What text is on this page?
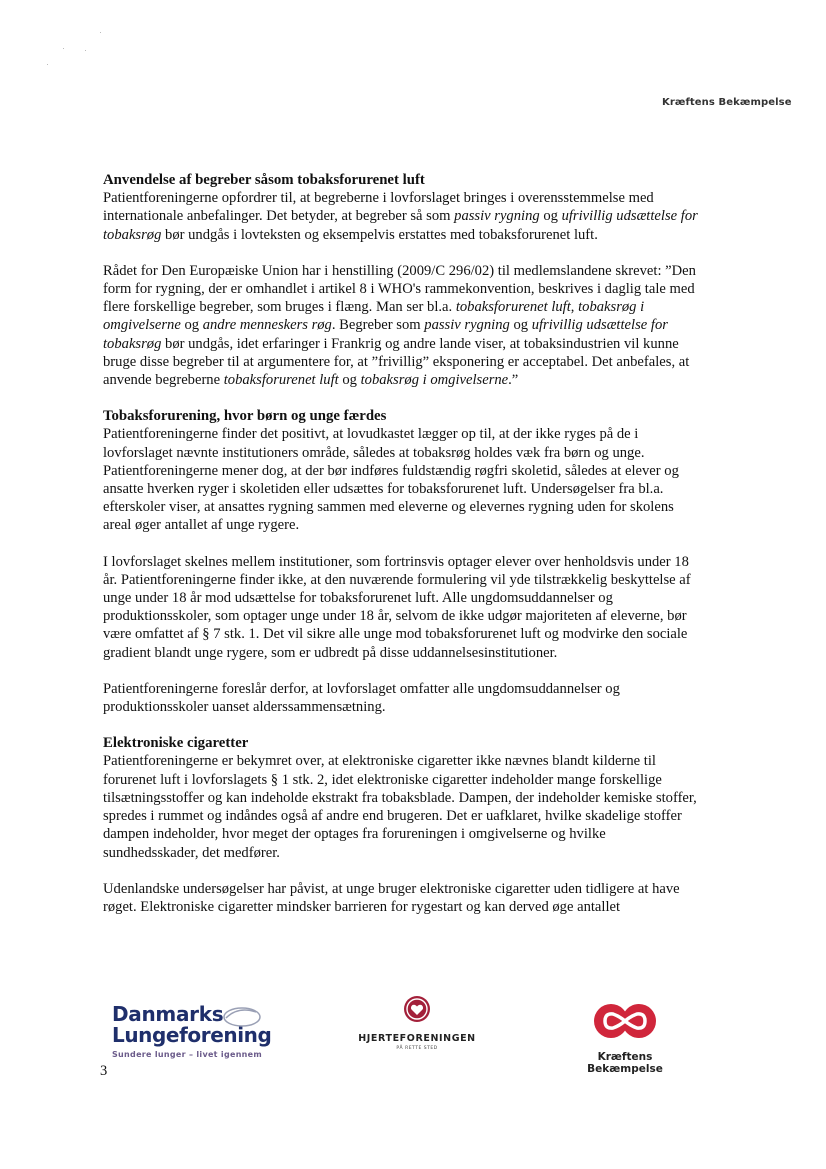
Kræftens Bekæmpelse
Anvendelse af begreber såsom tobaksforurenet luft

Patientforeningerne opfordrer til, at begreberne i lovforslaget bringes i overensstemmelse med internationale anbefalinger. Det betyder, at begreber så som passiv rygning og ufrivillig udsættelse for tobaksrøg bør undgås i lovteksten og eksempelvis erstattes med tobaksforurenet luft.

Rådet for Den Europæiske Union har i henstilling (2009/C 296/02) til medlemslandene skrevet: ”Den form for rygning, der er omhandlet i artikel 8 i WHO's rammekonvention, beskrives i daglig tale med flere forskellige begreber, som bruges i flæng. Man ser bl.a. tobaksforurenet luft, tobaksrøg i omgivelserne og andre menneskers røg. Begreber som passiv rygning og ufrivillig udsættelse for tobaksrøg bør undgås, idet erfaringer i Frankrig og andre lande viser, at tobaksindustrien vil kunne bruge disse begreber til at argumentere for, at ”frivillig” eksponering er acceptabel. Det anbefales, at anvende begreberne tobaksforurenet luft og tobaksrøg i omgivelserne.”

Tobaksforurening, hvor børn og unge færdes

Patientforeningerne finder det positivt, at lovudkastet lægger op til, at der ikke ryges på de i lovforslaget nævnte institutioners område, således at tobaksrøg holdes væk fra børn og unge. Patientforeningerne mener dog, at der bør indføres fuldstændig røgfri skoletid, således at elever og ansatte hverken ryger i skoletiden eller udsættes for tobaksforurenet luft. Undersøgelser fra bl.a. efterskoler viser, at ansattes rygning sammen med eleverne og elevernes rygning uden for skolens areal øger antallet af unge rygere.

I lovforslaget skelnes mellem institutioner, som fortrinsvis optager elever over henholdsvis under 18 år. Patientforeningerne finder ikke, at den nuværende formulering vil yde tilstrækkelig beskyttelse af unge under 18 år mod udsættelse for tobaksforurenet luft. Alle ungdomsuddannelser og produktionsskoler, som optager unge under 18 år, selvom de ikke udgør majoriteten af eleverne, bør være omfattet af § 7 stk. 1. Det vil sikre alle unge mod tobaksforurenet luft og modvirke den sociale gradient blandt unge rygere, som er udbredt på disse uddannelsesinstitutioner.

Patientforeningerne foreslår derfor, at lovforslaget omfatter alle ungdomsuddannelser og produktionsskoler uanset alderssammensætning.

Elektroniske cigaretter

Patientforeningerne er bekymret over, at elektroniske cigaretter ikke nævnes blandt kilderne til forurenet luft i lovforslagets § 1 stk. 2, idet elektroniske cigaretter indeholder mange forskellige tilsætningsstoffer og kan indeholde ekstrakt fra tobaksblade. Dampen, der indeholder kemiske stoffer, spredes i rummet og indåndes også af andre end brugeren. Det er uafklaret, hvilke skadelige stoffer dampen indeholder, hvor meget der optages fra forureningen i omgivelserne og hvilke sundhedsskader, det medfører.

Udenlandske undersøgelser har påvist, at unge bruger elektroniske cigaretter uden tidligere at have røget. Elektroniske cigaretter mindsker barrieren for rygestart og kan derved øge antallet

Danmarks
Lungeforening
Sundere lunger – livet igennem
HJERTEFORENINGEN
PÅ RETTE STED
Kræftens Bekæmpelse
3
